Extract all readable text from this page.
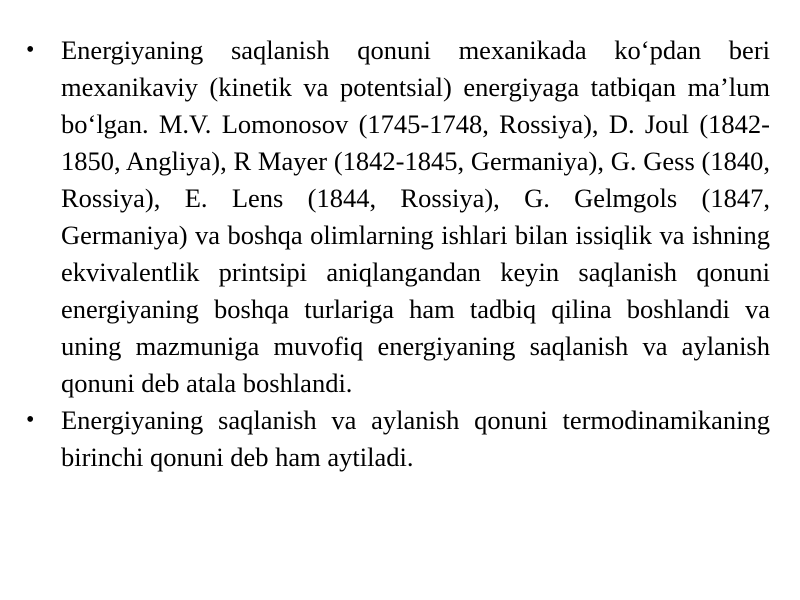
•	Energiyaning saqlanish qonuni mexanikada ko‘pdan beri mexanikaviy (kinetik va potentsial) energiyaga tatbiqan ma’lum bo‘lgan. M.V. Lomonosov (1745-1748, Rossiya), D. Joul (1842-1850, Angliya), R Mayer (1842-1845, Germaniya), G. Gess (1840, Rossiya), E. Lens (1844, Rossiya), G. Gelmgols (1847, Germaniya) va boshqa olimlarning ishlari bilan issiqlik va ishning ekvivalentlik printsipi aniqlangandan keyin saqlanish qonuni energiyaning boshqa turlariga ham tadbiq qilina boshlandi va uning mazmuniga muvofiq energiyaning saqlanish va aylanish qonuni deb atala boshlandi.
•	Energiyaning saqlanish va aylanish qonuni termodinamikaning birinchi qonuni deb ham aytiladi.
